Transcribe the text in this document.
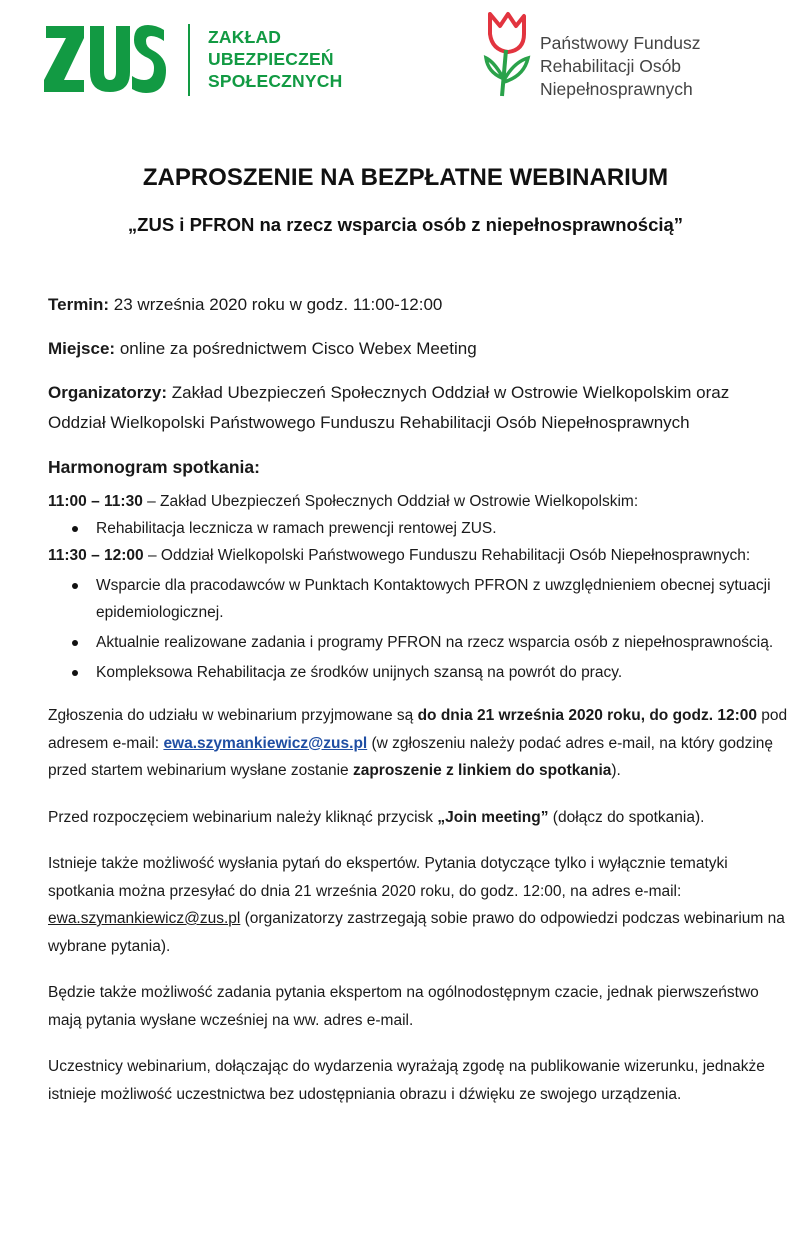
ZAKŁAD
UBEZPIECZEŃ
SPOŁECZNYCH
Państwowy Fundusz
Rehabilitacji Osób
Niepełnosprawnych
ZAPROSZENIE NA BEZPŁATNE WEBINARIUM
„ZUS i PFRON na rzecz wsparcia osób z niepełnosprawnością”

Termin: 23 września 2020 roku w godz. 11:00-12:00

Miejsce: online za pośrednictwem Cisco Webex Meeting

Organizatorzy: Zakład Ubezpieczeń Społecznych Oddział w Ostrowie Wielkopolskim oraz Oddział Wielkopolski Państwowego Funduszu Rehabilitacji Osób Niepełnosprawnych

Harmonogram spotkania:
11:00 – 11:30 – Zakład Ubezpieczeń Społecznych Oddział w Ostrowie Wielkopolskim:
Rehabilitacja lecznicza w ramach prewencji rentowej ZUS.
11:30 – 12:00 – Oddział Wielkopolski Państwowego Funduszu Rehabilitacji Osób Niepełnosprawnych:
Wsparcie dla pracodawców w Punktach Kontaktowych PFRON z uwzględnieniem obecnej sytuacji epidemiologicznej.
Aktualnie realizowane zadania i programy PFRON na rzecz wsparcia osób z niepełnosprawnością.
Kompleksowa Rehabilitacja ze środków unijnych szansą na powrót do pracy.

Zgłoszenia do udziału w webinarium przyjmowane są do dnia 21 września 2020 roku, do godz. 12:00 pod adresem e-mail: ewa.szymankiewicz@zus.pl (w zgłoszeniu należy podać adres e-mail, na który godzinę przed startem webinarium wysłane zostanie zaproszenie z linkiem do spotkania).

Przed rozpoczęciem webinarium należy kliknąć przycisk „Join meeting” (dołącz do spotkania).

Istnieje także możliwość wysłania pytań do ekspertów. Pytania dotyczące tylko i wyłącznie tematyki spotkania można przesyłać do dnia 21 września 2020 roku, do godz. 12:00, na adres e-mail: ewa.szymankiewicz@zus.pl (organizatorzy zastrzegają sobie prawo do odpowiedzi podczas webinarium na wybrane pytania).

Będzie także możliwość zadania pytania ekspertom na ogólnodostępnym czacie, jednak pierwszeństwo mają pytania wysłane wcześniej na ww. adres e-mail.

Uczestnicy webinarium, dołączając do wydarzenia wyrażają zgodę na publikowanie wizerunku, jednakże istnieje możliwość uczestnictwa bez udostępniania obrazu i dźwięku ze swojego urządzenia.
